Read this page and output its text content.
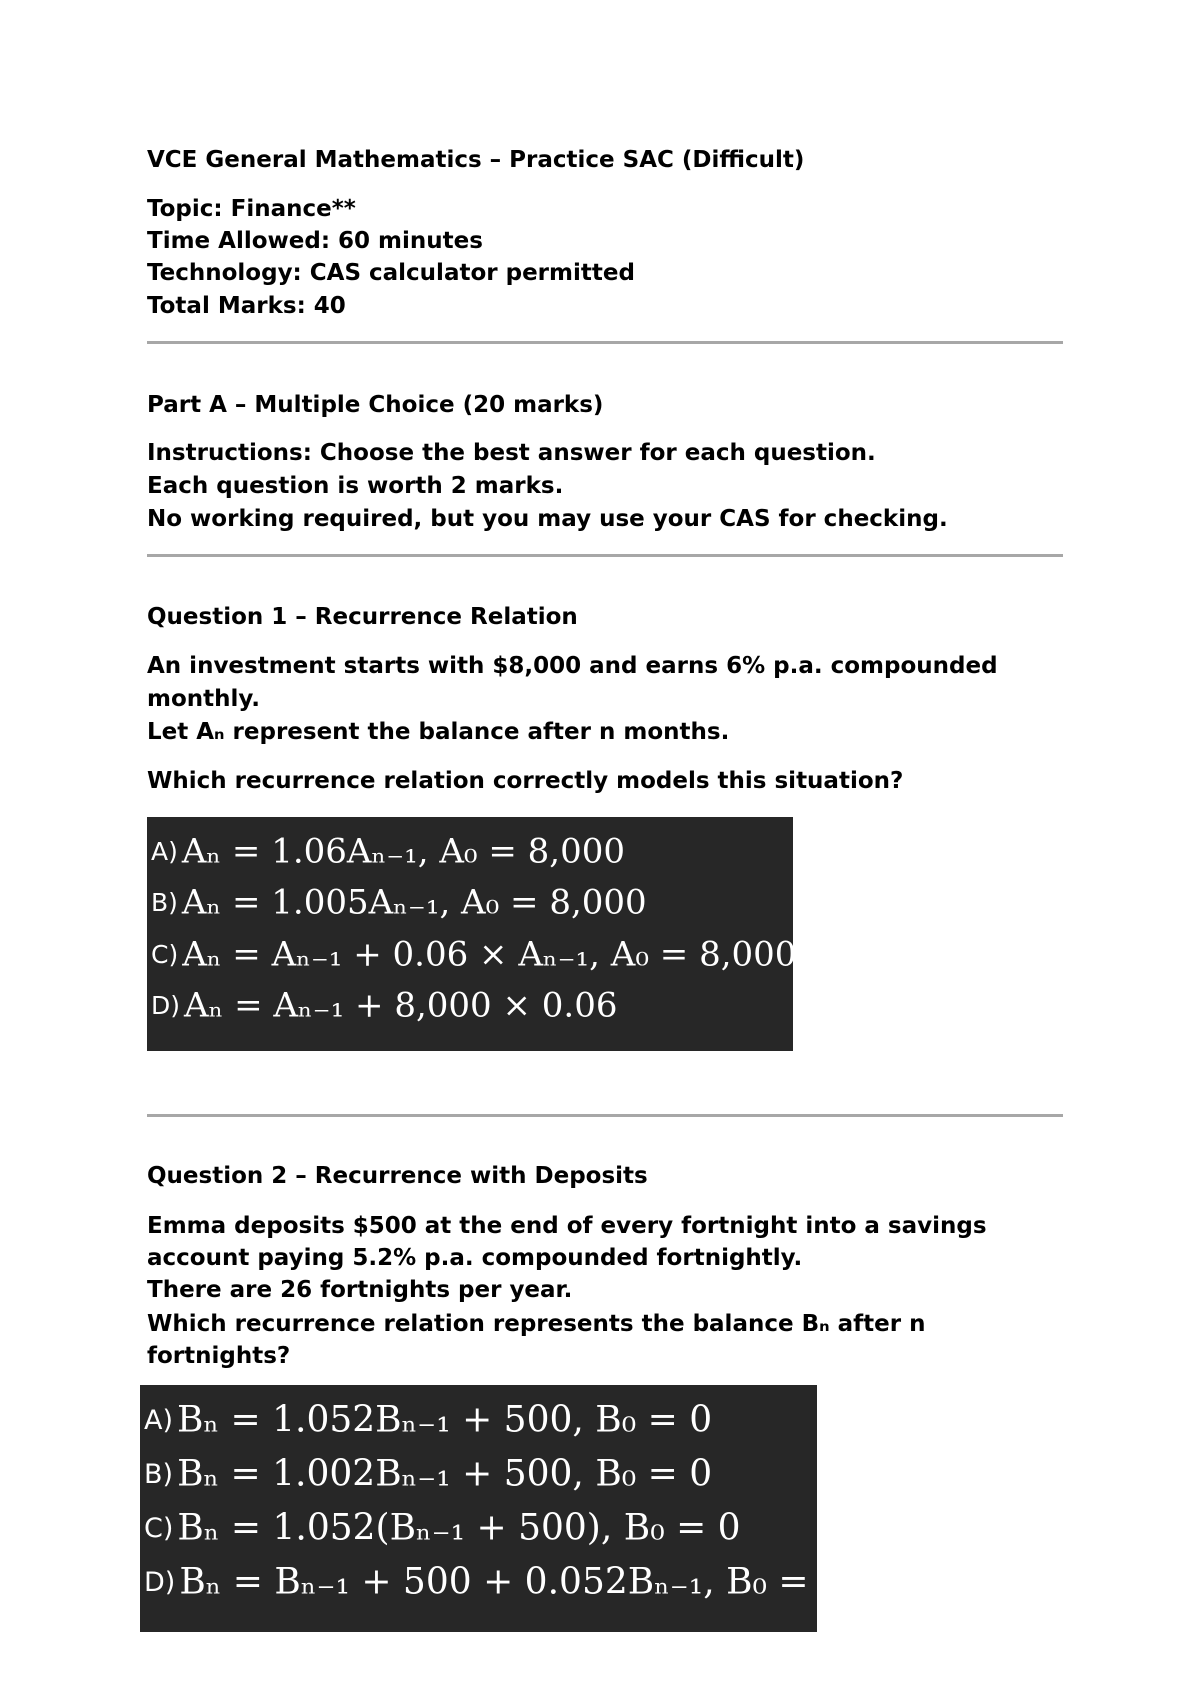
VCE General Mathematics – Practice SAC (Difficult)
Topic: Finance**
Time Allowed: 60 minutes
Technology: CAS calculator permitted
Total Marks: 40
Part A – Multiple Choice (20 marks)
Instructions: Choose the best answer for each question.
Each question is worth 2 marks.
No working required, but you may use your CAS for checking.
Question 1 – Recurrence Relation
An investment starts with $8,000 and earns 6% p.a. compounded
monthly.
Let Aₙ represent the balance after n months.
Which recurrence relation correctly models this situation?
A) Aₙ = 1.06Aₙ₋₁, A₀ = 8,000
B) Aₙ = 1.005Aₙ₋₁, A₀ = 8,000
C) Aₙ = Aₙ₋₁ + 0.06 × Aₙ₋₁, A₀ = 8,000
D) Aₙ = Aₙ₋₁ + 8,000 × 0.06
Question 2 – Recurrence with Deposits
Emma deposits $500 at the end of every fortnight into a savings
account paying 5.2% p.a. compounded fortnightly.
There are 26 fortnights per year.
Which recurrence relation represents the balance Bₙ after n
fortnights?
A) Bₙ = 1.052Bₙ₋₁ + 500, B₀ = 0
B) Bₙ = 1.002Bₙ₋₁ + 500, B₀ = 0
C) Bₙ = 1.052(Bₙ₋₁ + 500), B₀ = 0
D) Bₙ = Bₙ₋₁ + 500 + 0.052Bₙ₋₁, B₀ = 0
